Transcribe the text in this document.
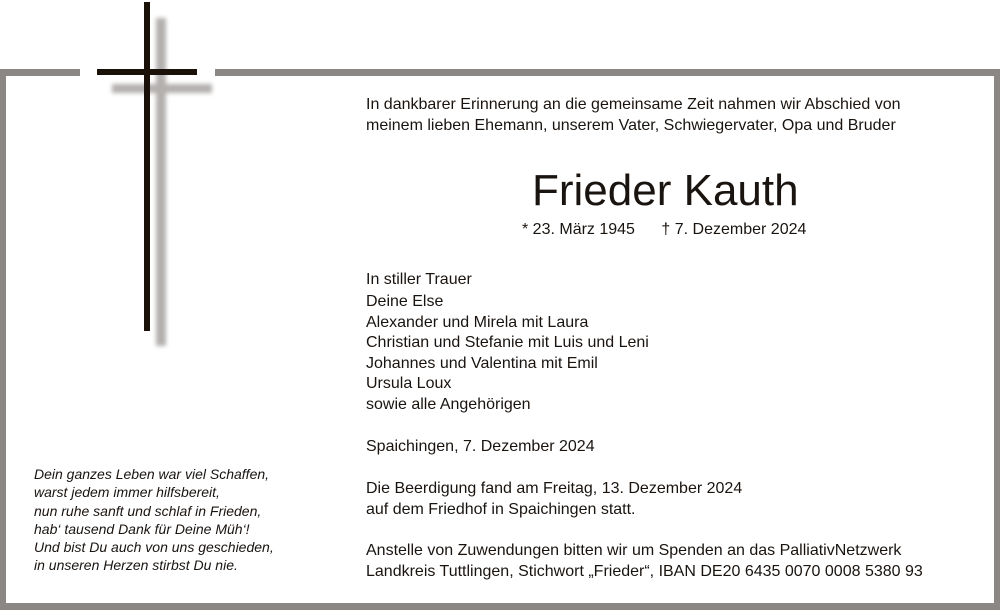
In dankbarer Erinnerung an die gemeinsame Zeit nahmen wir Abschied von
meinem lieben Ehemann, unserem Vater, Schwiegervater, Opa und Bruder
Frieder Kauth
* 23. März 1945 † 7. Dezember 2024
In stiller Trauer
Deine Else
Alexander und Mirela mit Laura
Christian und Stefanie mit Luis und Leni
Johannes und Valentina mit Emil
Ursula Loux
sowie alle Angehörigen
Spaichingen, 7. Dezember 2024
Die Beerdigung fand am Freitag, 13. Dezember 2024
auf dem Friedhof in Spaichingen statt.
Anstelle von Zuwendungen bitten wir um Spenden an das PalliativNetzwerk
Landkreis Tuttlingen, Stichwort „Frieder“, IBAN DE20 6435 0070 0008 5380 93
Dein ganzes Leben war viel Schaffen,
warst jedem immer hilfsbereit,
nun ruhe sanft und schlaf in Frieden,
hab‘ tausend Dank für Deine Müh‘!
Und bist Du auch von uns geschieden,
in unseren Herzen stirbst Du nie.
